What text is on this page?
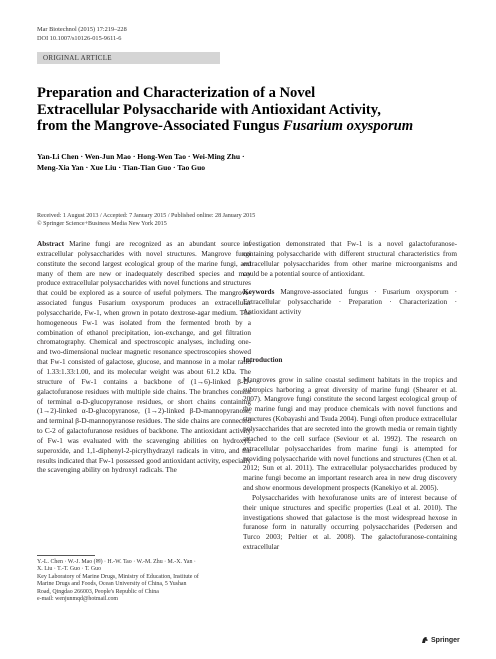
Mar Biotechnol (2015) 17:219–228
DOI 10.1007/s10126-015-9611-6
ORIGINAL ARTICLE
Preparation and Characterization of a Novel
Extracellular Polysaccharide with Antioxidant Activity,
from the Mangrove-Associated Fungus Fusarium oxysporum
Yan-Li Chen · Wen-Jun Mao · Hong-Wen Tao · Wei-Ming Zhu ·
Meng-Xia Yan · Xue Liu · Tian-Tian Guo · Tao Guo
Received: 1 August 2013 / Accepted: 7 January 2015 / Published online: 28 January 2015
© Springer Science+Business Media New York 2015

Abstract Marine fungi are recognized as an abundant source of extracellular polysaccharides with novel structures. Mangrove fungi constitute the second largest ecological group of the marine fungi, and many of them are new or inadequately described species and may produce extracellular polysaccharides with novel functions and structures that could be explored as a source of useful polymers. The mangrove-associated fungus Fusarium oxysporum produces an extracellular polysaccharide, Fw-1, when grown in potato dextrose-agar medium. The homogeneous Fw-1 was isolated from the fermented broth by a combination of ethanol precipitation, ion-exchange, and gel filtration chromatography. Chemical and spectroscopic analyses, including one- and two-dimensional nuclear magnetic resonance spectroscopies showed that Fw-1 consisted of galactose, glucose, and mannose in a molar ratio of 1.33:1.33:1.00, and its molecular weight was about 61.2 kDa. The structure of Fw-1 contains a backbone of (1→6)-linked β-D-galactofuranose residues with multiple side chains. The branches consist of terminal α-D-glucopyranose residues, or short chains containing (1→2)-linked α-D-glucopyranose, (1→2)-linked β-D-mannopyranose, and terminal β-D-mannopyranose residues. The side chains are connected to C-2 of galactofuranose residues of backbone. The antioxidant activity of Fw-1 was evaluated with the scavenging abilities on hydroxyl, superoxide, and 1,1-diphenyl-2-picrylhydrazyl radicals in vitro, and the results indicated that Fw-1 possessed good antioxidant activity, especially the scavenging ability on hydroxyl radicals. The

investigation demonstrated that Fw-1 is a novel galactofuranose-containing polysaccharide with different structural characteristics from extracellular polysaccharides from other marine microorganisms and could be a potential source of antioxidant.

Keywords Mangrove-associated fungus · Fusarium oxysporum · Extracellular polysaccharide · Preparation · Characterization · Antioxidant activity

Introduction

Mangroves grow in saline coastal sediment habitats in the tropics and subtropics harboring a great diversity of marine fungi (Shearer et al. 2007). Mangrove fungi constitute the second largest ecological group of the marine fungi and may produce chemicals with novel functions and structures (Kobayashi and Tsuda 2004). Fungi often produce extracellular polysaccharides that are secreted into the growth media or remain tightly attached to the cell surface (Seviour et al. 1992). The research on extracellular polysaccharides from marine fungi is attempted for providing polysaccharide with novel functions and structures (Chen et al. 2012; Sun et al. 2011). The extracellular polysaccharides produced by marine fungi become an important research area in new drug discovery and show enormous development prospects (Kanekiyo et al. 2005).

Polysaccharides with hexofuranose units are of interest because of their unique structures and specific properties (Leal et al. 2010). The investigations showed that galactose is the most widespread hexose in furanose form in naturally occurring polysaccharides (Pedersen and Turco 2003; Peltier et al. 2008). The galactofuranose-containing extracellular

Y.-L. Chen · W.-J. Mao (✉) · H.-W. Tao · W.-M. Zhu · M.-X. Yan ·
X. Liu · T.-T. Guo · T. Guo
Key Laboratory of Marine Drugs, Ministry of Education, Institute of
Marine Drugs and Foods, Ocean University of China, 5 Yushan
Road, Qingdao 266003, People's Republic of China
e-mail: wenjunmqd@hotmail.com
Springer
